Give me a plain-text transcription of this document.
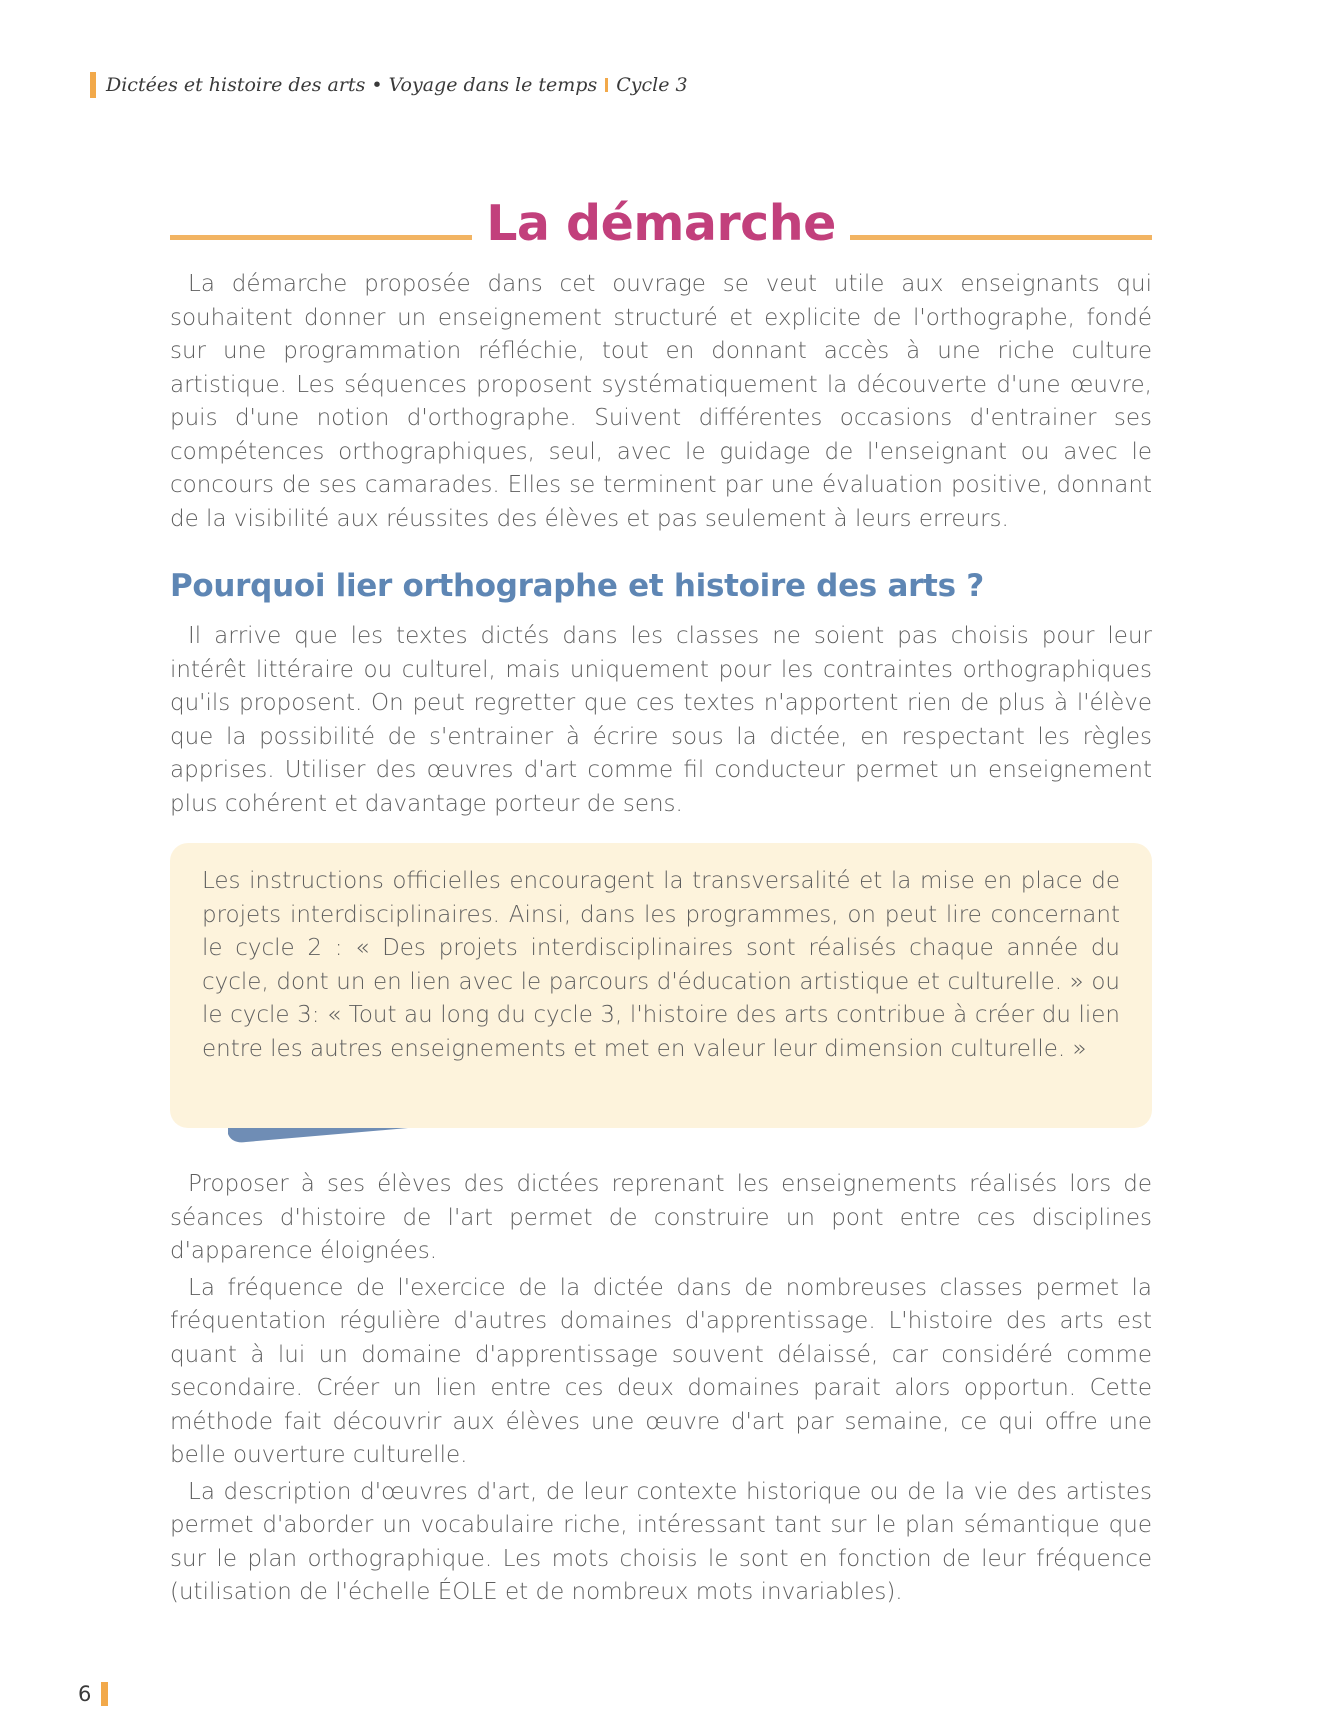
Dictées et histoire des arts • Voyage dans le temps Cycle 3
La démarche

La démarche proposée dans cet ouvrage se veut utile aux enseignants qui souhaitent donner un enseignement structuré et explicite de l'orthographe, fondé sur une programmation réfléchie, tout en donnant accès à une riche culture artistique. Les séquences proposent systématiquement la découverte d'une œuvre, puis d'une notion d'orthographe. Suivent différentes occasions d'entrainer ses compétences orthographiques, seul, avec le guidage de l'enseignant ou avec le concours de ses camarades. Elles se terminent par une évaluation positive, donnant de la visibilité aux réussites des élèves et pas seulement à leurs erreurs.

Pourquoi lier orthographe et histoire des arts ?

Il arrive que les textes dictés dans les classes ne soient pas choisis pour leur intérêt littéraire ou culturel, mais uniquement pour les contraintes orthographiques qu'ils proposent. On peut regretter que ces textes n'apportent rien de plus à l'élève que la possibilité de s'entrainer à écrire sous la dictée, en respectant les règles apprises. Utiliser des œuvres d'art comme fil conducteur permet un enseignement plus cohérent et davantage porteur de sens.

Les instructions officielles encouragent la transversalité et la mise en place de projets interdisciplinaires. Ainsi, dans les programmes, on peut lire concernant le cycle 2 : « Des projets interdisciplinaires sont réalisés chaque année du cycle, dont un en lien avec le parcours d'éducation artistique et culturelle. » ou le cycle 3: « Tout au long du cycle 3, l'histoire des arts contribue à créer du lien entre les autres enseignements et met en valeur leur dimension culturelle. »

Proposer à ses élèves des dictées reprenant les enseignements réalisés lors de séances d'histoire de l'art permet de construire un pont entre ces disciplines d'apparence éloignées.

La fréquence de l'exercice de la dictée dans de nombreuses classes permet la fréquentation régulière d'autres domaines d'apprentissage. L'histoire des arts est quant à lui un domaine d'apprentissage souvent délaissé, car considéré comme secondaire. Créer un lien entre ces deux domaines parait alors opportun. Cette méthode fait découvrir aux élèves une œuvre d'art par semaine, ce qui offre une belle ouverture culturelle.

La description d'œuvres d'art, de leur contexte historique ou de la vie des artistes permet d'aborder un vocabulaire riche, intéressant tant sur le plan sémantique que sur le plan orthographique. Les mots choisis le sont en fonction de leur fréquence (utilisation de l'échelle ÉOLE et de nombreux mots invariables).

6
